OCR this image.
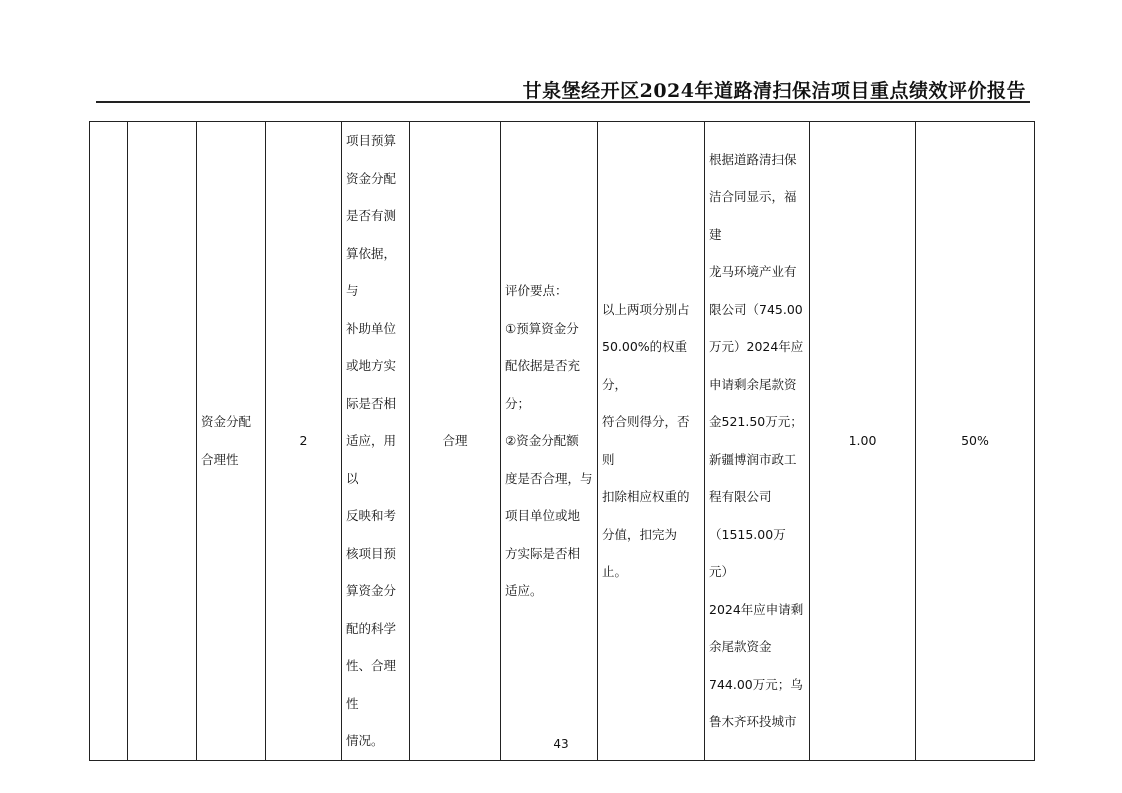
甘泉堡经开区2024年道路清扫保洁项目重点绩效评价报告
		资金分配
合理性	2	项目预算
资金分配
是否有测
算依据，与
补助单位
或地方实
际是否相
适应，用以
反映和考
核项目预
算资金分
配的科学
性、合理性
情况。	合理	评价要点：
①预算资金分
配依据是否充
分；
②资金分配额
度是否合理，与
项目单位或地
方实际是否相
适应。	以上两项分别占
50.00%的权重分，
符合则得分，否则
扣除相应权重的
分值，扣完为止。	根据道路清扫保
洁合同显示，福建
龙马环境产业有
限公司（745.00
万元）2024年应
申请剩余尾款资
金521.50万元；
新疆博润市政工
程有限公司
（1515.00万元）
2024年应申请剩
余尾款资金
744.00万元；乌
鲁木齐环投城市	1.00	50%
43
